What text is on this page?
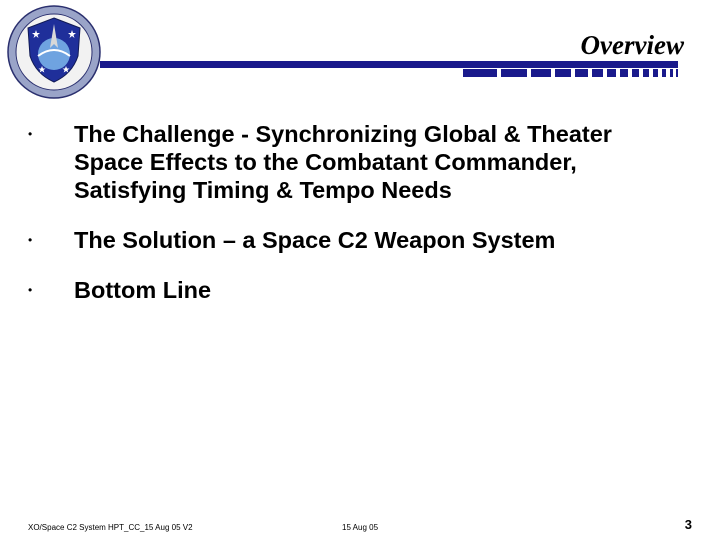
Overview
• The Challenge - Synchronizing Global & Theater Space Effects to the Combatant Commander, Satisfying Timing & Tempo Needs
• The Solution – a Space C2 Weapon System
• Bottom Line
XO/Space C2 System HPT_CC_15 Aug 05 V2	15 Aug 05	3
